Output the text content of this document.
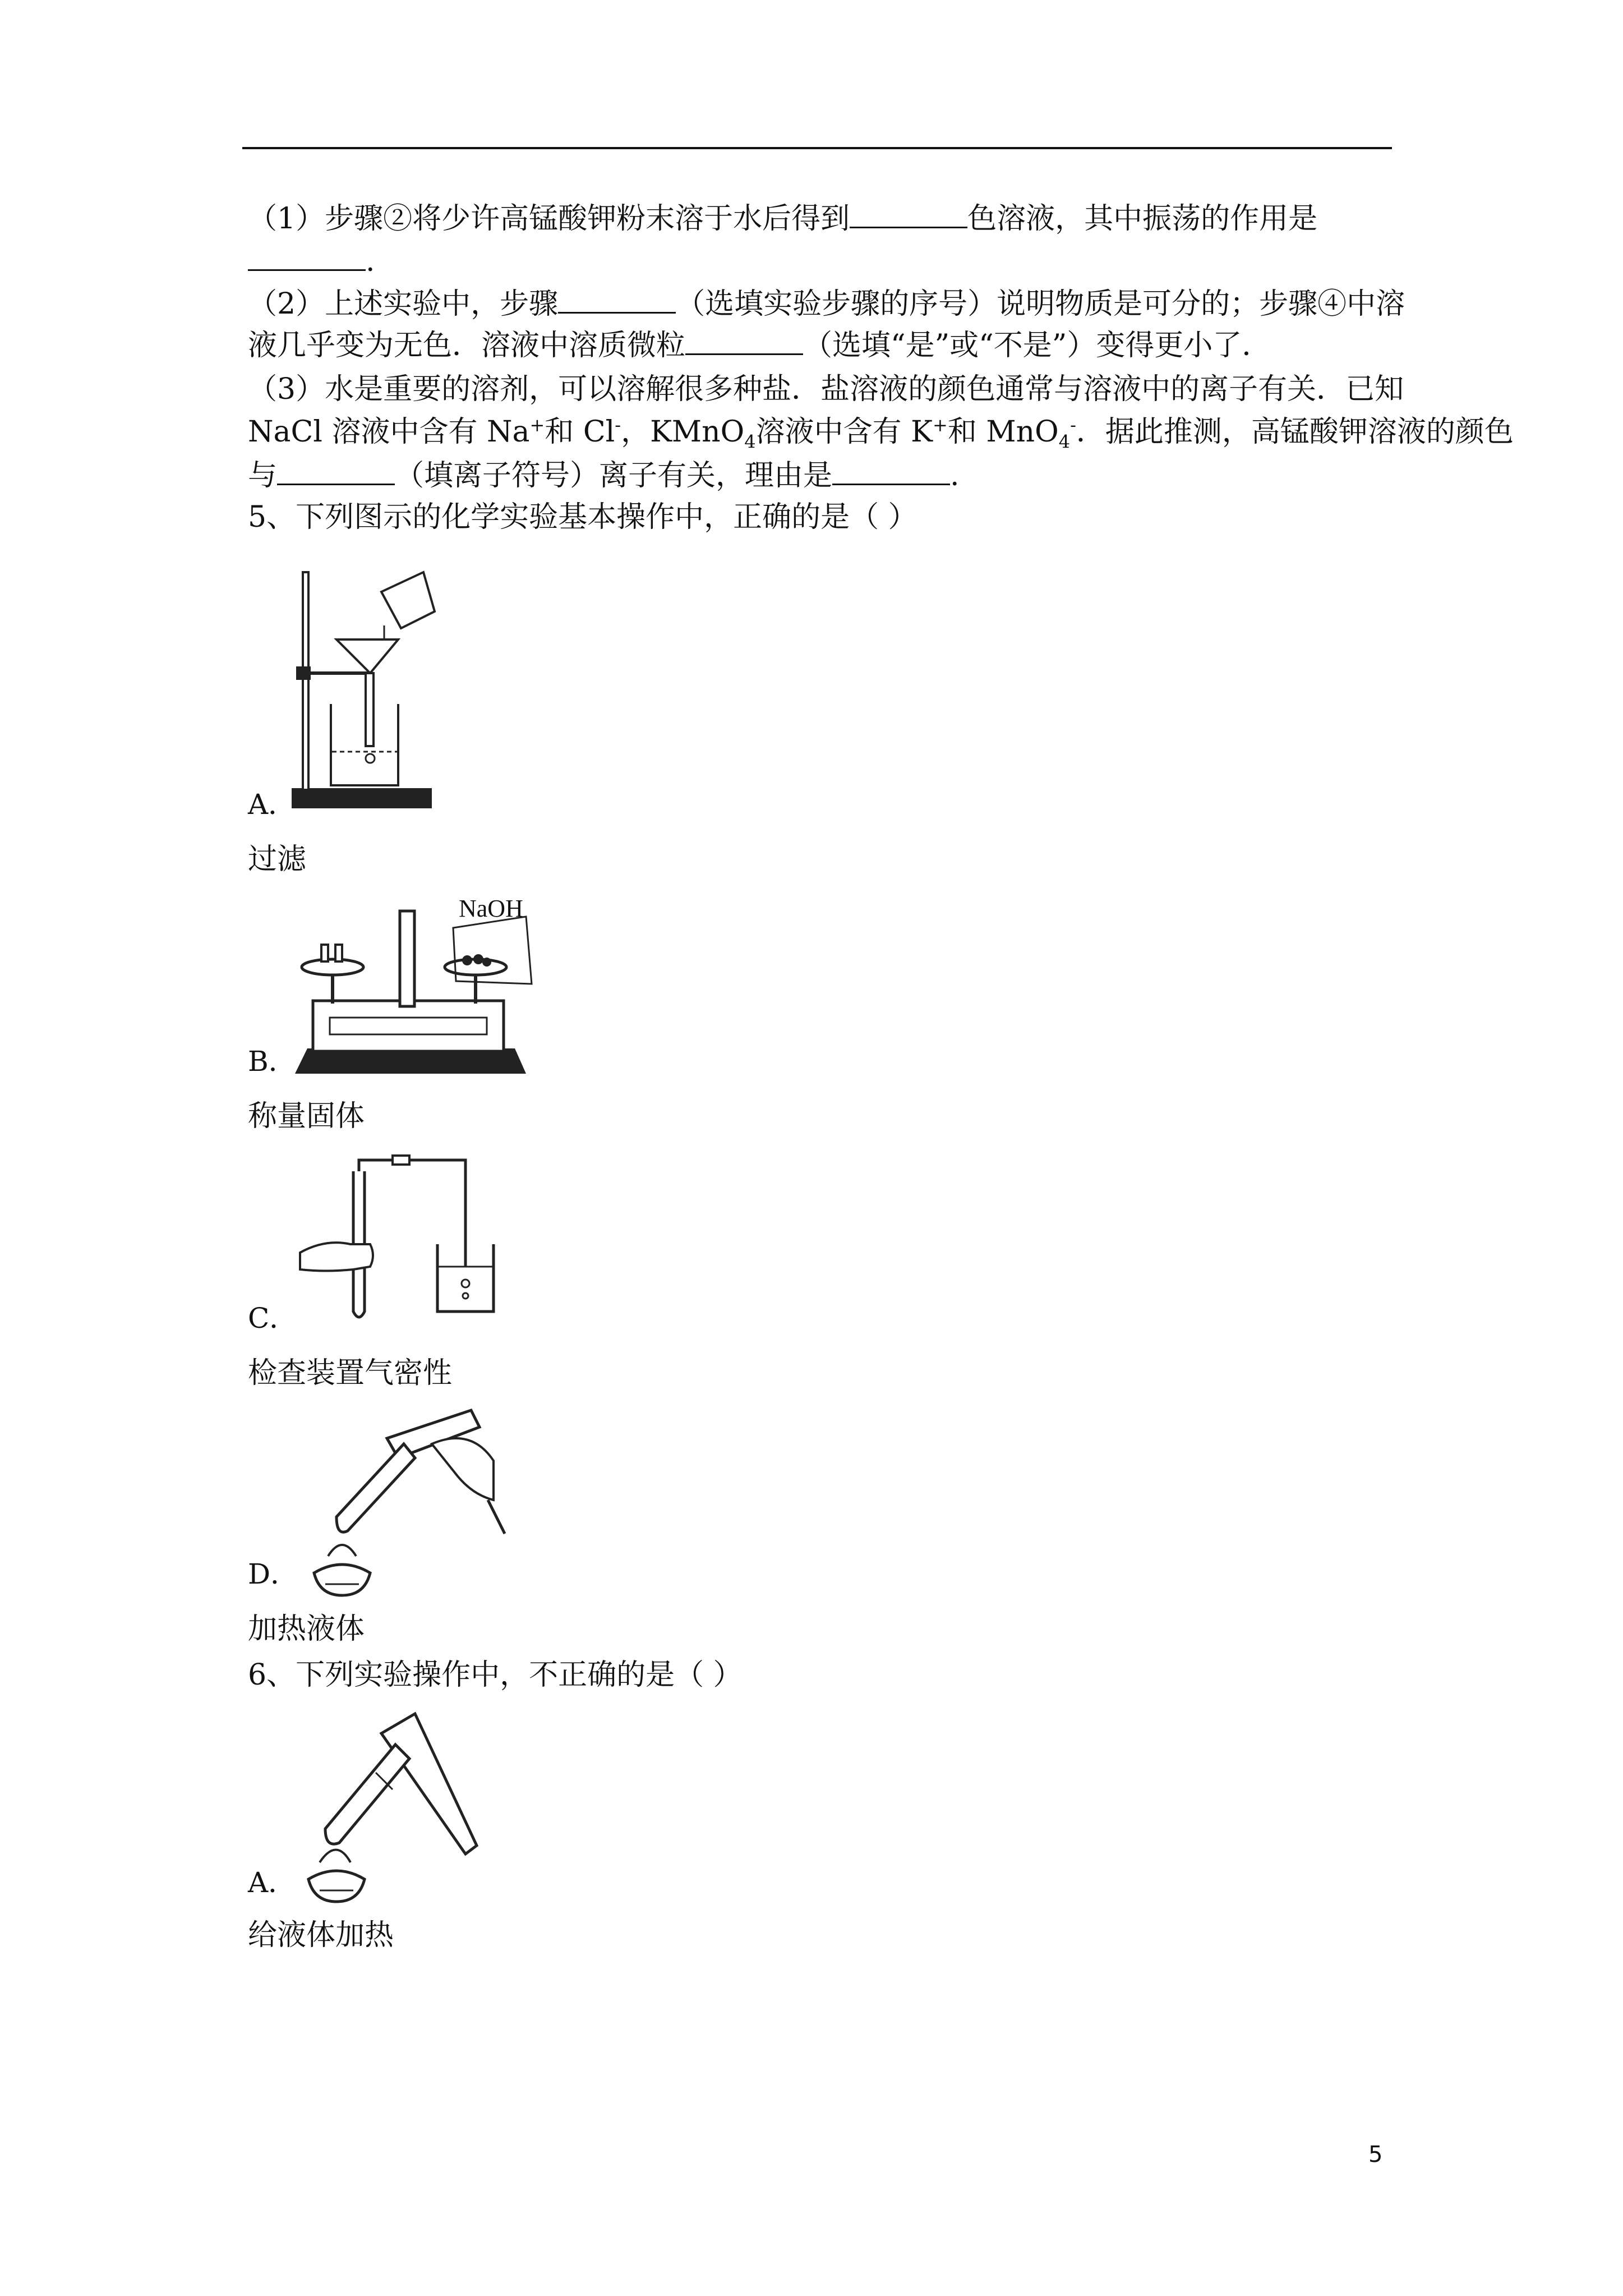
（1）步骤②将少许高锰酸钾粉末溶于水后得到	色溶液，其中振荡的作用是
.
（2）上述实验中，步骤	（选填实验步骤的序号）说明物质是可分的；步骤④中溶
液几乎变为无色．溶液中溶质微粒	（选填“是”或“不是”）变得更小了．
（3）水是重要的溶剂，可以溶解很多种盐．盐溶液的颜色通常与溶液中的离子有关．已知
NaCl 溶液中含有 Na+和 Cl-，KMnO$_4$溶液中含有 K+和 MnO$_4$-．据此推测，高锰酸钾溶液的颜色
与	（填离子符号）离子有关，理由是	.
5、下列图示的化学实验基本操作中，正确的是（ ）
A．
过滤
NaOH
B．
称量固体
C．
检查装置气密性
D．
加热液体
6、下列实验操作中，不正确的是（ ）
A．
给液体加热
5
